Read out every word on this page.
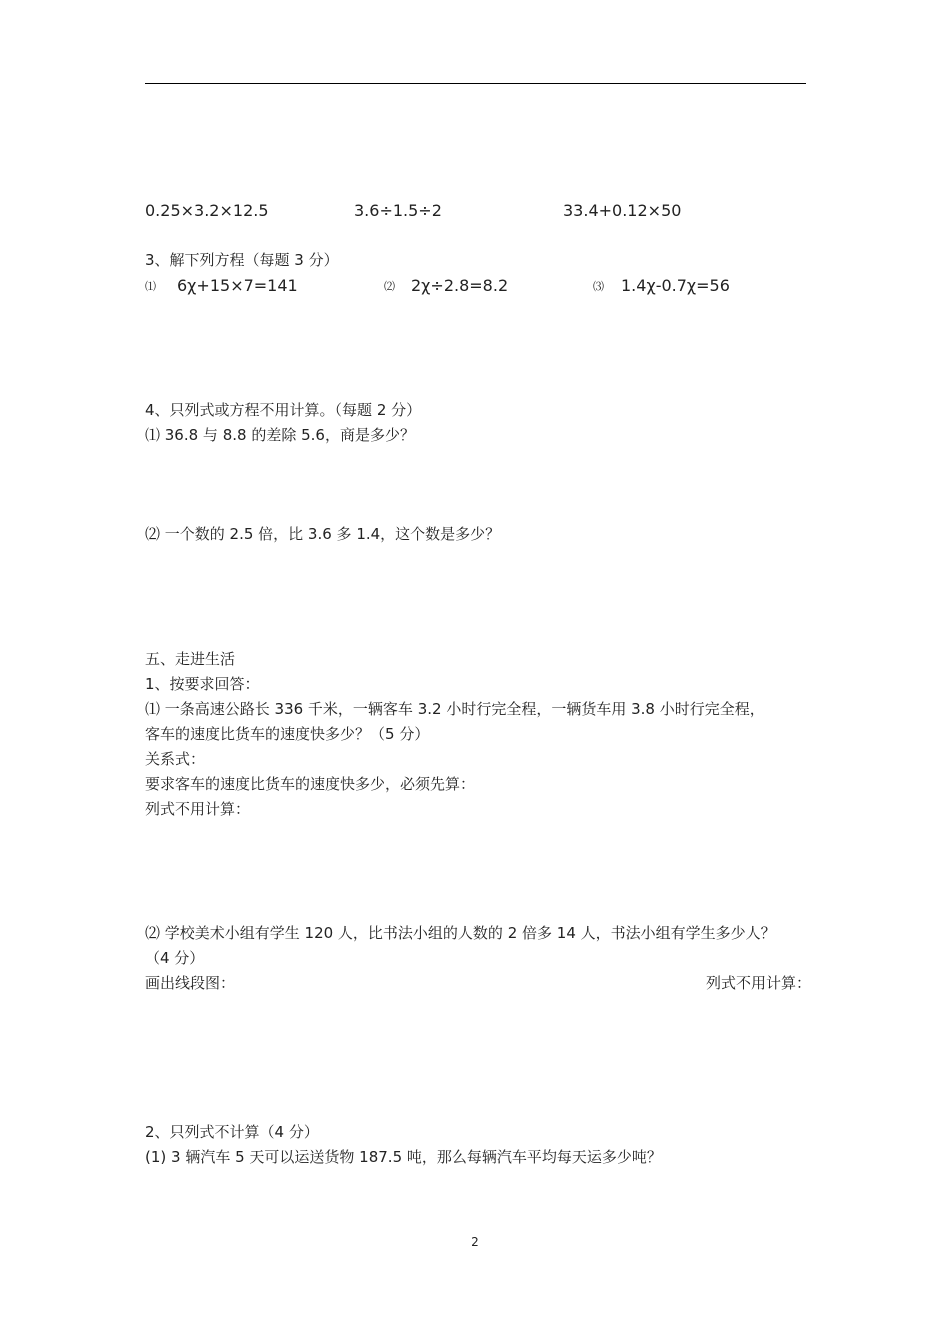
0.25×3.2×12.5	3.6÷1.5÷2	33.4+0.12×50
3、解下列方程（每题 3 分）
⑴ 6χ+15×7=141	⑵ 2χ÷2.8=8.2	⑶ 1.4χ-0.7χ=56
4、只列式或方程不用计算。（每题 2 分）
⑴ 36.8 与 8.8 的差除 5.6，商是多少？
⑵ 一个数的 2.5 倍，比 3.6 多 1.4，这个数是多少？
五、走进生活
1、按要求回答：
⑴ 一条高速公路长 336 千米，一辆客车 3.2 小时行完全程，一辆货车用 3.8 小时行完全程，
客车的速度比货车的速度快多少？（5 分）
关系式：
要求客车的速度比货车的速度快多少，必须先算：
列式不用计算：
⑵ 学校美术小组有学生 120 人，比书法小组的人数的 2 倍多 14 人，书法小组有学生多少人？
（4 分）
画出线段图：	列式不用计算：
2、只列式不计算（4 分）
(1) 3 辆汽车 5 天可以运送货物 187.5 吨，那么每辆汽车平均每天运多少吨？
2
